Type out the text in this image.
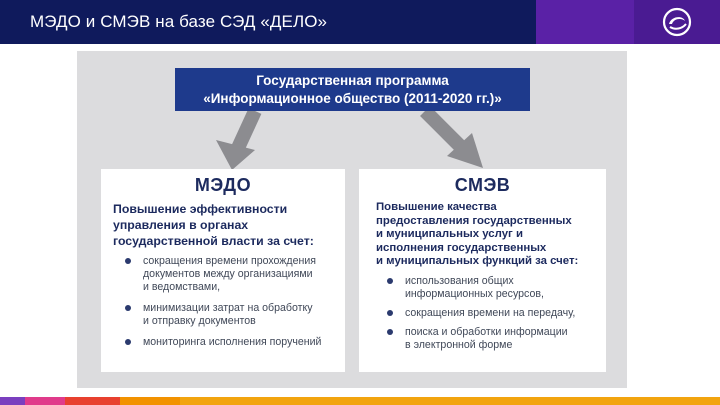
МЭДО и СМЭВ на базе СЭД «ДЕЛО»
Государственная программа
«Информационное общество (2011-2020 гг.)»
МЭДО
Повышение эффективности
управления в органах
государственной власти за счет:
сокращения времени прохождения
документов между организациями
и ведомствами,
минимизации затрат на обработку
и отправку документов
мониторинга исполнения поручений
СМЭВ
Повышение качества
предоставления государственных
и муниципальных услуг и
исполнения государственных
и муниципальных функций за счет:
использования общих
информационных ресурсов,
сокращения времени на передачу,
поиска и обработки информации
в электронной форме
